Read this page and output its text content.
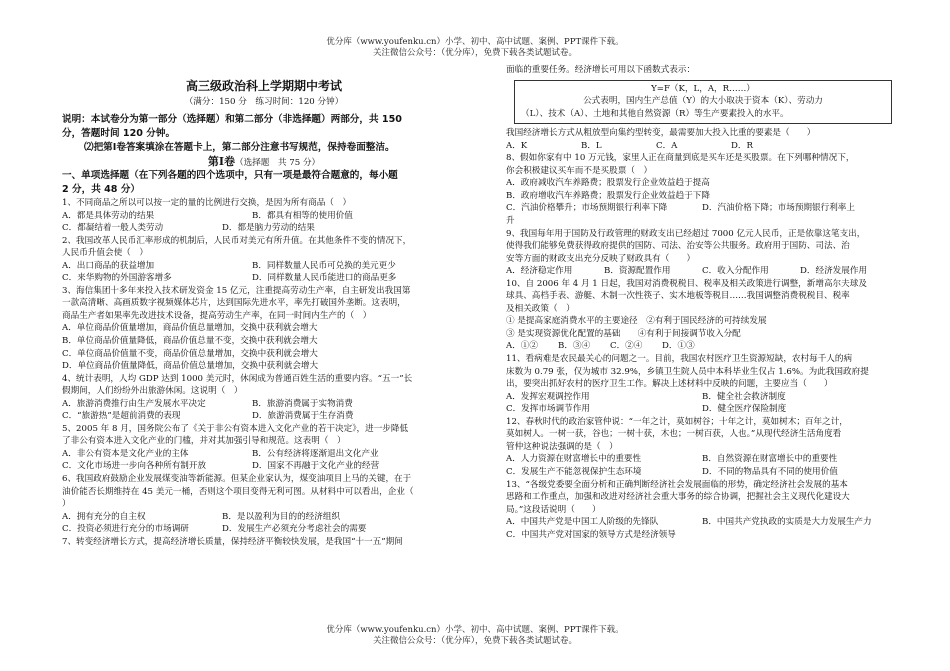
优分库（www.youfenku.cn）小学、初中、高中试题、案例、PPT课件下载。
关注微信公众号：（优分库），免费下载各类试题试卷。
高三级政治科上学期期中考试
（满分：150 分　练习时间：120 分钟）
说明：本试卷分为第一部分（选择题）和第二部分（非选择题）两部分，共 150
分，答题时间 120 分钟。
⑵把第Ⅰ卷答案填涂在答题卡上，第二部分注意书写规范，保持卷面整洁。
第Ⅰ卷（选择题　共 75 分）
一、单项选择题（在下列各题的四个选项中，只有一项是最符合题意的，每小题
2 分，共 48 分）
1、不同商品之所以可以按一定的量的比例进行交换，是因为所有商品（　）
A．都是具体劳动的结果	B．都具有相等的使用价值
C．都凝结着一般人类劳动	D．都是脑力劳动的结果
2、我国改革人民币汇率形成的机制后，人民币对美元有所升值。在其他条件不变的情况下，
人民币升值会使（　）
A．出口商品的获益增加	B．同样数量人民币可兑换的美元更少
C．来华购物的外国游客增多	D．同样数量人民币能进口的商品更多
3、海信集团十多年来投入技术研发资金 15 亿元，注重提高劳动生产率，自主研发出我国第
一款高清晰、高画质数字视频媒体芯片，达到国际先进水平，率先打破国外垄断。这表明，
商品生产者如果率先改进技术设备，提高劳动生产率，在同一时间内生产的（　）
A．单位商品价值量增加，商品价值总量增加，交换中获利就会增大
B．单位商品价值量降低，商品价值总量不变，交换中获利就会增大
C．单位商品价值量不变，商品价值总量增加，交换中获利就会增大
D．单位商品价值量降低，商品价值总量增加，交换中获利就会增大
4、统计表明，人均 GDP 达到 1000 美元时，休闲成为普通百姓生活的重要内容。“五一”长
假期间，人们纷纷外出旅游休闲。这说明（　）
A．旅游消费推行由生产发展水平决定	B．旅游消费属于实物消费
C．“旅游热”是超前消费的表现	D．旅游消费属于生存消费
5、2005 年 8 月，国务院公布了《关于非公有资本进入文化产业的若干决定》，进一步降低
了非公有资本进入文化产业的门槛，并对其加强引导和规范。这表明（　）
A．非公有资本是文化产业的主体	B．公有经济将逐渐退出文化产业
C．文化市场进一步向各种所有制开放	D．国家不再融于文化产业的经营
6、我国政府鼓励企业发展煤变油等新能源。但某企业家认为，煤变油项目上马的关键，在于
油价能否长期维持在 45 美元一桶，否则这个项目变得无利可图。从材料中可以看出，企业（
）
A．拥有充分的自主权	B．是以盈利为目的的经济组织
C．投资必须进行充分的市场调研	D．发展生产必须充分考虑社会的需要
7、转变经济增长方式，提高经济增长质量，保持经济平衡较快发展，是我国“十一五”期间
面临的重要任务。经济增长可用以下函数式表示：
Y=F（K，L，A，R……）
公式表明，国内生产总值（Y）的大小取决于资本（K）、劳动力
（L）、技术（A）、土地和其他自然资源（R）等生产要素投入的水平。
我国经济增长方式从粗放型向集约型转变，最需要加大投入比重的要素是（　　）
A．K	B．L	C．A	D．R
8、假如你家有中 10 万元钱，家里人正在商量到底是买车还是买股票。在下列哪种情况下，
你会积极建议买车而不是买股票（　）
A．政府减收汽车养路费；股票发行企业效益趋于提高
B．政府增收汽车养路费；股票发行企业效益趋于下降
C．汽油价格攀升；市场预期银行利率下降	D．汽油价格下降；市场预期银行利率上
升
9、我国每年用于国防及行政管理的财政支出已经超过 7000 亿元人民币，正是依靠这笔支出，
使得我们能够免费获得政府提供的国防、司法、治安等公共服务。政府用于国防、司法、治
安等方面的财政支出充分反映了财政具有（　　）
A．经济稳定作用	B．资源配置作用	C．收入分配作用	D．经济发展作用
10、自 2006 年 4 月 1 日起，我国对消费税税目、税率及相关政策进行调整，新增高尔夫球及
球具、高档手表、游艇、木制一次性筷子、实木地板等税目……我国调整消费税税目、税率
及相关政策（　）
① 是提高家庭消费水平的主要途径　②有利于国民经济的可持续发展
③ 是实现资源优化配置的基础　　④有利于间接调节收入分配
A．①②	B．③④	C．②④	D．①③
11、看病难是农民最关心的问题之一。目前，我国农村医疗卫生资源短缺，农村每千人的病
床数为 0.79 张，仅为城市 32.9%，乡镇卫生院人员中本科毕业生仅占 1.6%。为此我国政府提
出，要突出抓好农村的医疗卫生工作。解决上述材料中反映的问题，主要应当（　　）
A．发挥宏观调控作用	B．健全社会救济制度
C．发挥市场调节作用	D．健全医疗保险制度
12、春秋时代的政治家管仲说：“一年之计，莫如树谷；十年之计，莫如树木；百年之计，
莫如树人。一树一获，谷也；一树十获，木也；一树百获，人也。”从现代经济生活角度看
管仲这种说法强调的是（　）
A．人力资源在财富增长中的重要性	B．自然资源在财富增长中的重要性
C．发展生产不能忽视保护生态环境	D．不同的物品具有不同的使用价值
13、“各级党委要全面分析和正确判断经济社会发展面临的形势，确定经济社会发展的基本
思路和工作重点，加强和改进对经济社会重大事务的综合协调，把握社会主义现代化建设大
局。”这段话说明（　　）
A．中国共产党是中国工人阶级的先锋队	B．中国共产党执政的实质是大力发展生产力
C．中国共产党对国家的领导方式是经济领导
优分库（www.youfenku.cn）小学、初中、高中试题、案例、PPT课件下载。
关注微信公众号：（优分库），免费下载各类试题试卷。
